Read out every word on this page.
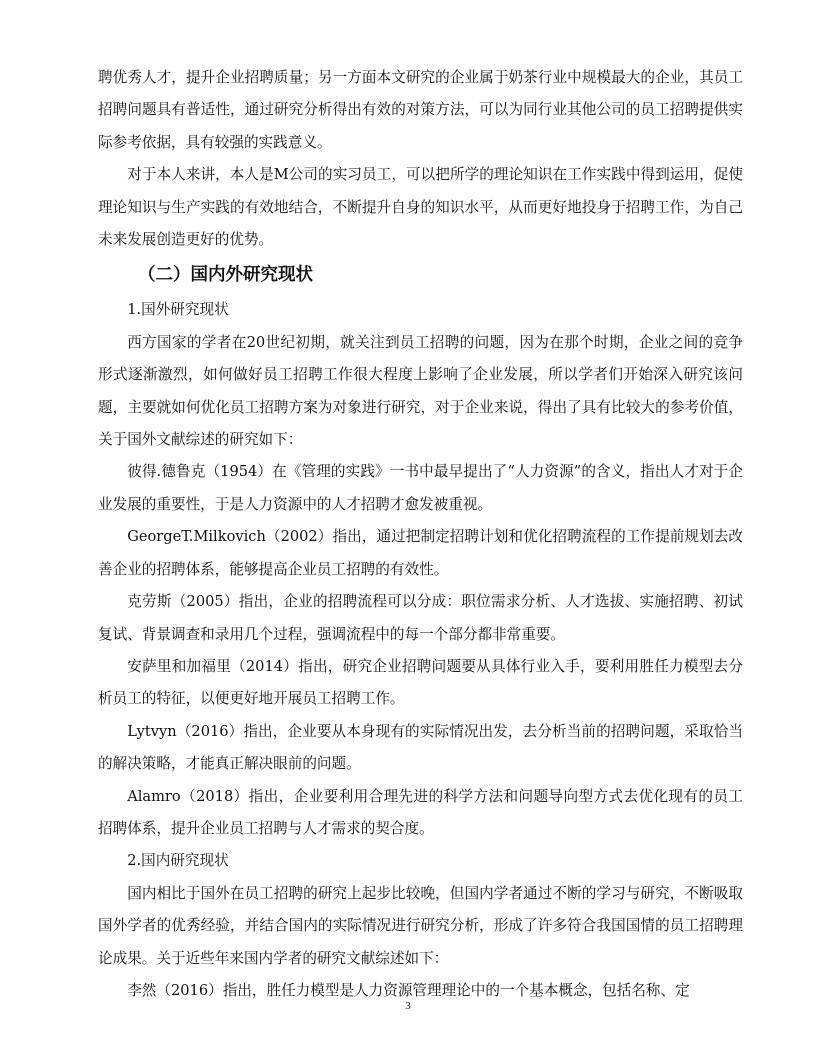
聘优秀人才，提升企业招聘质量；另一方面本文研究的企业属于奶茶行业中规模最大的企业，其员工招聘问题具有普适性，通过研究分析得出有效的对策方法，可以为同行业其他公司的员工招聘提供实际参考依据，具有较强的实践意义。

对于本人来讲，本人是M公司的实习员工，可以把所学的理论知识在工作实践中得到运用，促使理论知识与生产实践的有效地结合，不断提升自身的知识水平，从而更好地投身于招聘工作，为自己未来发展创造更好的优势。

（二）国内外研究现状

1.国外研究现状

西方国家的学者在20世纪初期，就关注到员工招聘的问题，因为在那个时期，企业之间的竞争形式逐渐激烈，如何做好员工招聘工作很大程度上影响了企业发展，所以学者们开始深入研究该问题，主要就如何优化员工招聘方案为对象进行研究，对于企业来说，得出了具有比较大的参考价值，关于国外文献综述的研究如下：

彼得.德鲁克（1954）在《管理的实践》一书中最早提出了“人力资源”的含义，指出人才对于企业发展的重要性，于是人力资源中的人才招聘才愈发被重视。

GeorgeT.Milkovich（2002）指出，通过把制定招聘计划和优化招聘流程的工作提前规划去改善企业的招聘体系，能够提高企业员工招聘的有效性。

克劳斯（2005）指出，企业的招聘流程可以分成：职位需求分析、人才选拔、实施招聘、初试复试、背景调查和录用几个过程，强调流程中的每一个部分都非常重要。

安萨里和加福里（2014）指出，研究企业招聘问题要从具体行业入手，要利用胜任力模型去分析员工的特征，以便更好地开展员工招聘工作。

Lytvyn（2016）指出，企业要从本身现有的实际情况出发，去分析当前的招聘问题，采取恰当的解决策略，才能真正解决眼前的问题。

Alamro（2018）指出，企业要利用合理先进的科学方法和问题导向型方式去优化现有的员工招聘体系，提升企业员工招聘与人才需求的契合度。

2.国内研究现状

国内相比于国外在员工招聘的研究上起步比较晚，但国内学者通过不断的学习与研究，不断吸取国外学者的优秀经验，并结合国内的实际情况进行研究分析，形成了许多符合我国国情的员工招聘理论成果。关于近些年来国内学者的研究文献综述如下：

李然（2016）指出，胜任力模型是人力资源管理理论中的一个基本概念，包括名称、定

3
